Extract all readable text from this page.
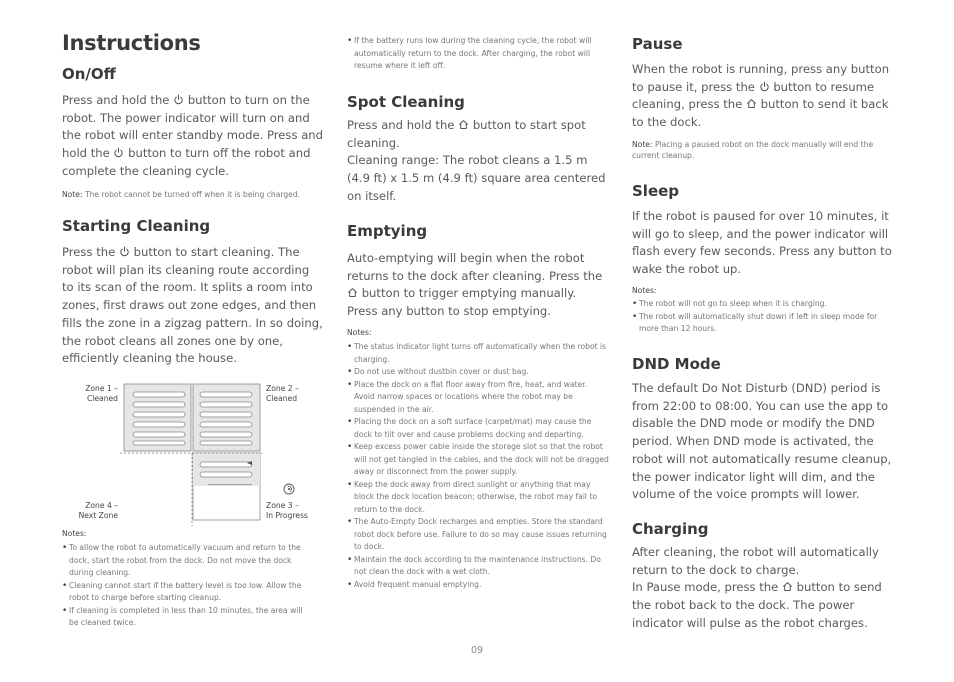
Instructions
On/Off

Press and hold the button to turn on the robot. The power indicator will turn on and the robot will enter standby mode. Press and hold the button to turn off the robot and complete the cleaning cycle.

Note: The robot cannot be turned off when it is being charged.

Starting Cleaning

Press the button to start cleaning. The robot will plan its cleaning route according to its scan of the room. It splits a room into zones, first draws out zone edges, and then fills the zone in a zigzag pattern. In so doing, the robot cleans all zones one by one, efficiently cleaning the house.

Zone 1 –
Cleaned
Zone 2 –
Cleaned
Zone 4 –
Next Zone
Zone 3 –
In Progress
Notes:
• To allow the robot to automatically vacuum and return to the dock, start the robot from the dock. Do not move the dock during cleaning.
• Cleaning cannot start if the battery level is too low. Allow the robot to charge before starting cleanup.
• If cleaning is completed in less than 10 minutes, the area will be cleaned twice.
• If the battery runs low during the cleaning cycle, the robot will automatically return to the dock. After charging, the robot will resume where it left off.
Spot Cleaning

Press and hold the button to start spot cleaning.
Cleaning range: The robot cleans a 1.5 m (4.9 ft) x 1.5 m (4.9 ft) square area centered on itself.

Emptying

Auto-emptying will begin when the robot returns to the dock after cleaning. Press the  button to trigger emptying manually. Press any button to stop emptying.

Notes:
• The status indicator light turns off automatically when the robot is charging.
• Do not use without dustbin cover or dust bag.
• Place the dock on a flat floor away from fire, heat, and water. Avoid narrow spaces or locations where the robot may be suspended in the air.
• Placing the dock on a soft surface (carpet/mat) may cause the dock to tilt over and cause problems docking and departing.
• Keep excess power cable inside the storage slot so that the robot will not get tangled in the cables, and the dock will not be dragged away or disconnect from the power supply.
• Keep the dock away from direct sunlight or anything that may block the dock location beacon; otherwise, the robot may fail to return to the dock.
• The Auto-Empty Dock recharges and empties. Store the standard robot dock before use. Failure to do so may cause issues returning to dock.
• Maintain the dock according to the maintenance instructions. Do not clean the dock with a wet cloth.
• Avoid frequent manual emptying.
Pause

When the robot is running, press any button to pause it, press the button to resume cleaning, press the button to send it back to the dock.

Note: Placing a paused robot on the dock manually will end the current cleanup.

Sleep

If the robot is paused for over 10 minutes, it will go to sleep, and the power indicator will flash every few seconds. Press any button to wake the robot up.

Notes:
• The robot will not go to sleep when it is charging.
• The robot will automatically shut down if left in sleep mode for more than 12 hours.
DND Mode

The default Do Not Disturb (DND) period is from 22:00 to 08:00. You can use the app to disable the DND mode or modify the DND period. When DND mode is activated, the robot will not automatically resume cleanup, the power indicator light will dim, and the volume of the voice prompts will lower.

Charging

After cleaning, the robot will automatically return to the dock to charge.
In Pause mode, press the button to send the robot back to the dock. The power indicator will pulse as the robot charges.

09
